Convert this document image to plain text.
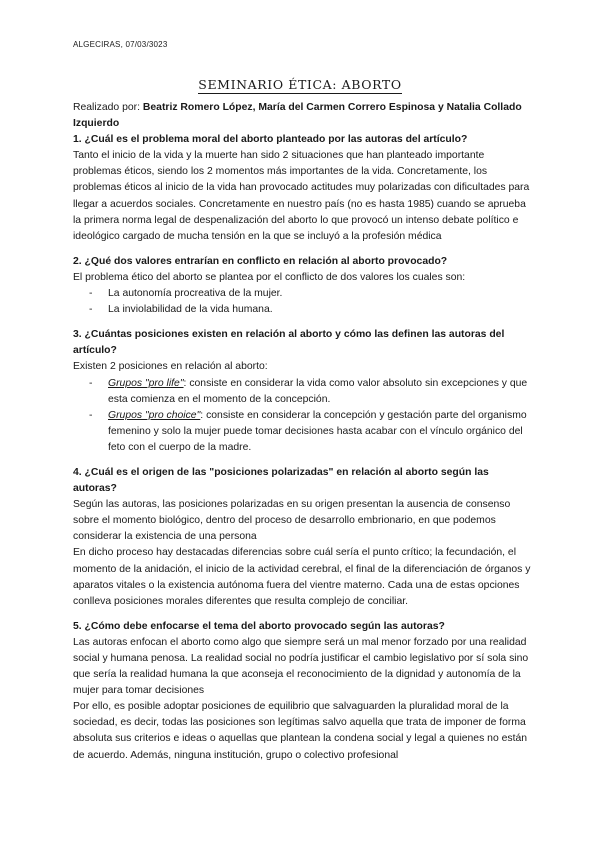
ALGECIRAS, 07/03/3023
SEMINARIO ÉTICA: ABORTO

Realizado por: Beatriz Romero López, María del Carmen Correro Espinosa y Natalia Collado Izquierdo

1. ¿Cuál es el problema moral del aborto planteado por las autoras del artículo?

Tanto el inicio de la vida y la muerte han sido 2 situaciones que han planteado importante problemas éticos, siendo los 2 momentos más importantes de la vida. Concretamente, los problemas éticos al inicio de la vida han provocado actitudes muy polarizadas con dificultades para llegar a acuerdos sociales. Concretamente en nuestro país (no es hasta 1985) cuando se aprueba la primera norma legal de despenalización del aborto lo que provocó un intenso debate político e ideológico cargado de mucha tensión en la que se incluyó a la profesión médica

2. ¿Qué dos valores entrarían en conflicto en relación al aborto provocado?

El problema ético del aborto se plantea por el conflicto de dos valores los cuales son:

- La autonomía procreativa de la mujer.
- La inviolabilidad de la vida humana.

3. ¿Cuántas posiciones existen en relación al aborto y cómo las definen las autoras del artículo?

Existen 2 posiciones en relación al aborto:

- Grupos "pro life": consiste en considerar la vida como valor absoluto sin excepciones y que esta comienza en el momento de la concepción.
- Grupos "pro choice": consiste en considerar la concepción y gestación parte del organismo femenino y solo la mujer puede tomar decisiones hasta acabar con el vínculo orgánico del feto con el cuerpo de la madre.

4. ¿Cuál es el origen de las "posiciones polarizadas" en relación al aborto según las autoras?

Según las autoras, las posiciones polarizadas en su origen presentan la ausencia de consenso sobre el momento biológico, dentro del proceso de desarrollo embrionario, en que podemos considerar la existencia de una persona

En dicho proceso hay destacadas diferencias sobre cuál sería el punto crítico; la fecundación, el momento de la anidación, el inicio de la actividad cerebral, el final de la diferenciación de órganos y aparatos vitales o la existencia autónoma fuera del vientre materno. Cada una de estas opciones conlleva posiciones morales diferentes que resulta complejo de conciliar.

5. ¿Cómo debe enfocarse el tema del aborto provocado según las autoras?

Las autoras enfocan el aborto como algo que siempre será un mal menor forzado por una realidad social y humana penosa. La realidad social no podría justificar el cambio legislativo por sí sola sino que sería la realidad humana la que aconseja el reconocimiento de la dignidad y autonomía de la mujer para tomar decisiones

Por ello, es posible adoptar posiciones de equilibrio que salvaguarden la pluralidad moral de la sociedad, es decir, todas las posiciones son legítimas salvo aquella que trata de imponer de forma absoluta sus criterios e ideas o aquellas que plantean la condena social y legal a quienes no están de acuerdo. Además, ninguna institución, grupo o colectivo profesional
